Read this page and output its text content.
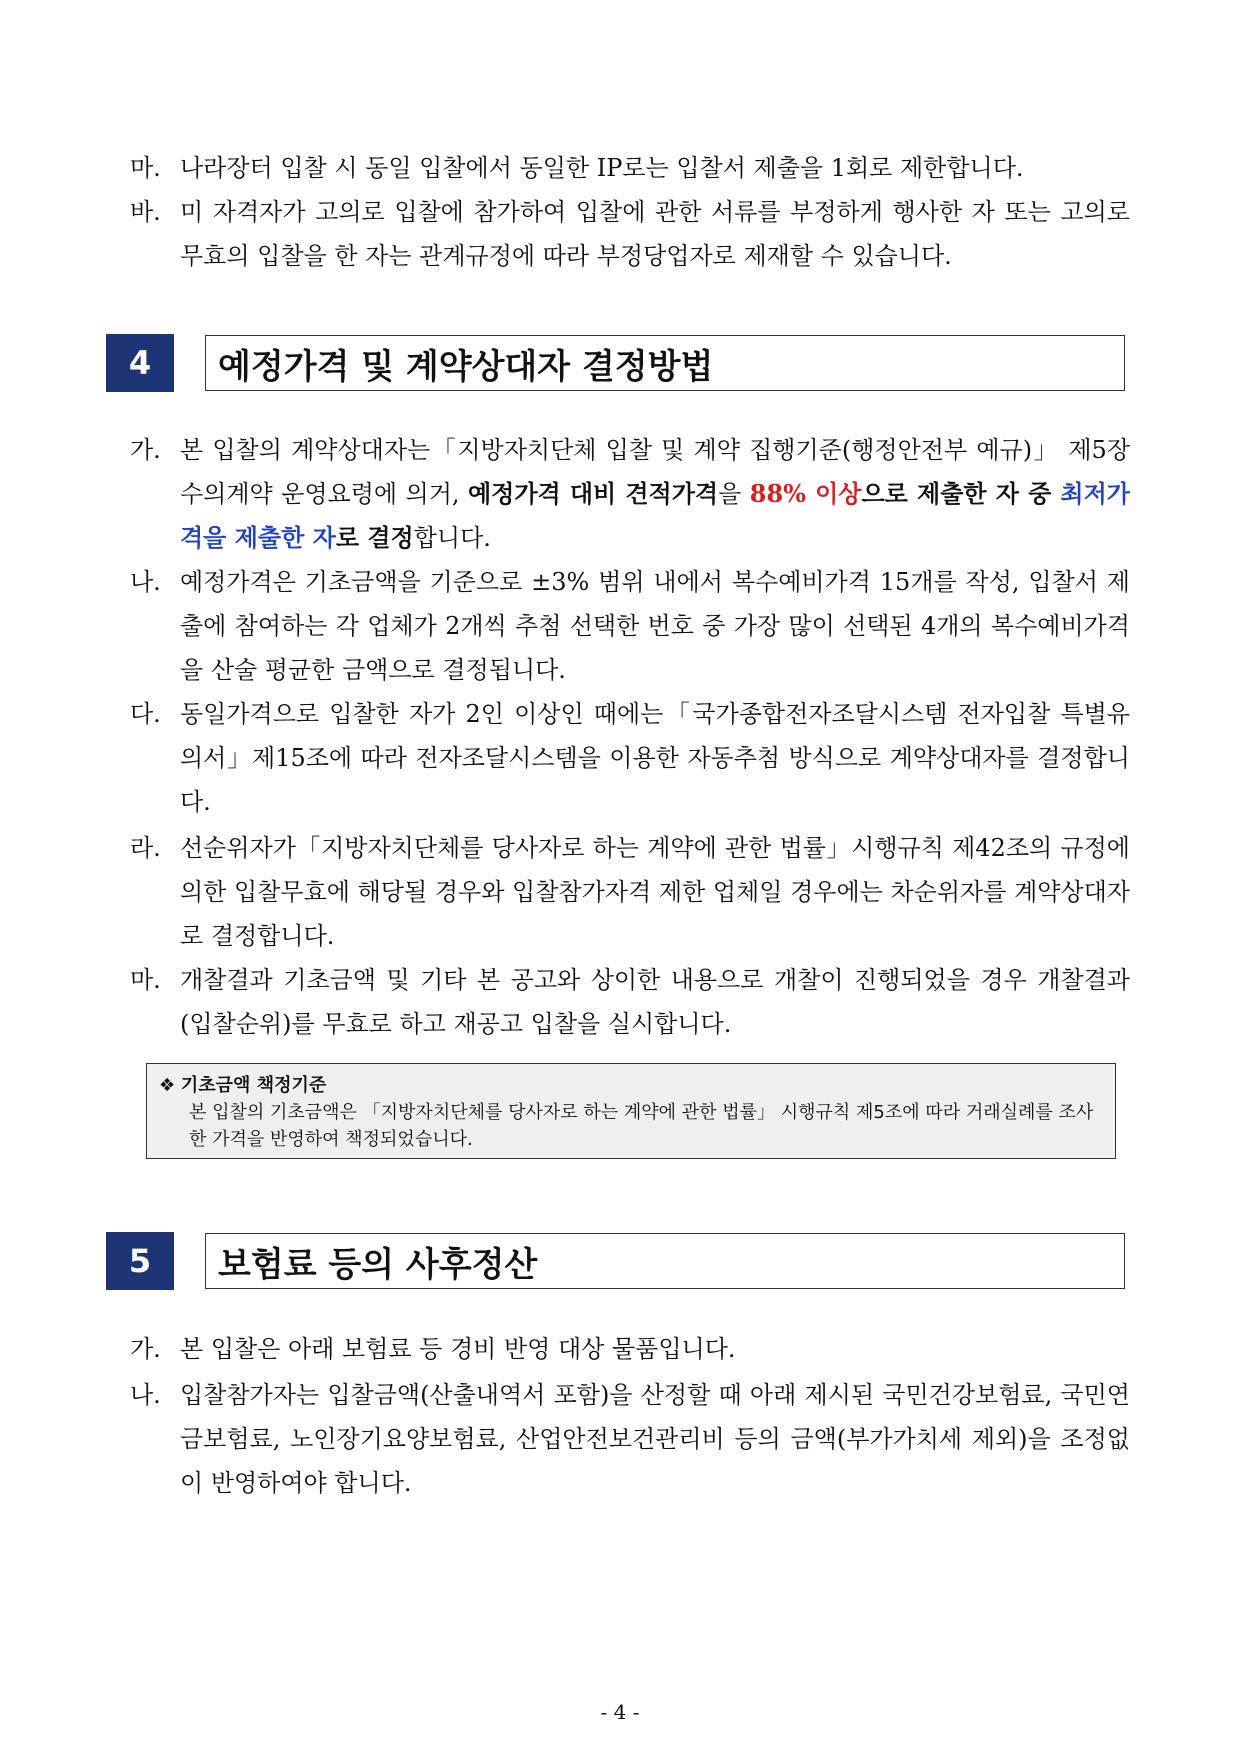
마. 나라장터 입찰 시 동일 입찰에서 동일한 IP로는 입찰서 제출을 1회로 제한합니다.
바. 미 자격자가 고의로 입찰에 참가하여 입찰에 관한 서류를 부정하게 행사한 자 또는 고의로 무효의 입찰을 한 자는 관계규정에 따라 부정당업자로 제재할 수 있습니다.
4	예정가격 및 계약상대자 결정방법
가. 본 입찰의 계약상대자는「지방자치단체 입찰 및 계약 집행기준(행정안전부 예규)」 제5장 수의계약 운영요령에 의거, 예정가격 대비 견적가격을 88% 이상으로 제출한 자 중 최저가격을 제출한 자로 결정합니다.
나. 예정가격은 기초금액을 기준으로 ±3% 범위 내에서 복수예비가격 15개를 작성, 입찰서 제출에 참여하는 각 업체가 2개씩 추첨 선택한 번호 중 가장 많이 선택된 4개의 복수예비가격을 산술 평균한 금액으로 결정됩니다.
다. 동일가격으로 입찰한 자가 2인 이상인 때에는「국가종합전자조달시스템 전자입찰 특별유의서」제15조에 따라 전자조달시스템을 이용한 자동추첨 방식으로 계약상대자를 결정합니다.
라. 선순위자가「지방자치단체를 당사자로 하는 계약에 관한 법률」시행규칙 제42조의 규정에 의한 입찰무효에 해당될 경우와 입찰참가자격 제한 업체일 경우에는 차순위자를 계약상대자로 결정합니다.
마. 개찰결과 기초금액 및 기타 본 공고와 상이한 내용으로 개찰이 진행되었을 경우 개찰결과(입찰순위)를 무효로 하고 재공고 입찰을 실시합니다.
❖ 기초금액 책정기준
본 입찰의 기초금액은 「지방자치단체를 당사자로 하는 계약에 관한 법률」 시행규칙 제5조에 따라 거래실례를 조사한 가격을 반영하여 책정되었습니다.
5	보험료 등의 사후정산
가. 본 입찰은 아래 보험료 등 경비 반영 대상 물품입니다.
나. 입찰참가자는 입찰금액(산출내역서 포함)을 산정할 때 아래 제시된 국민건강보험료, 국민연금보험료, 노인장기요양보험료, 산업안전보건관리비 등의 금액(부가가치세 제외)을 조정없이 반영하여야 합니다.
- 4 -
